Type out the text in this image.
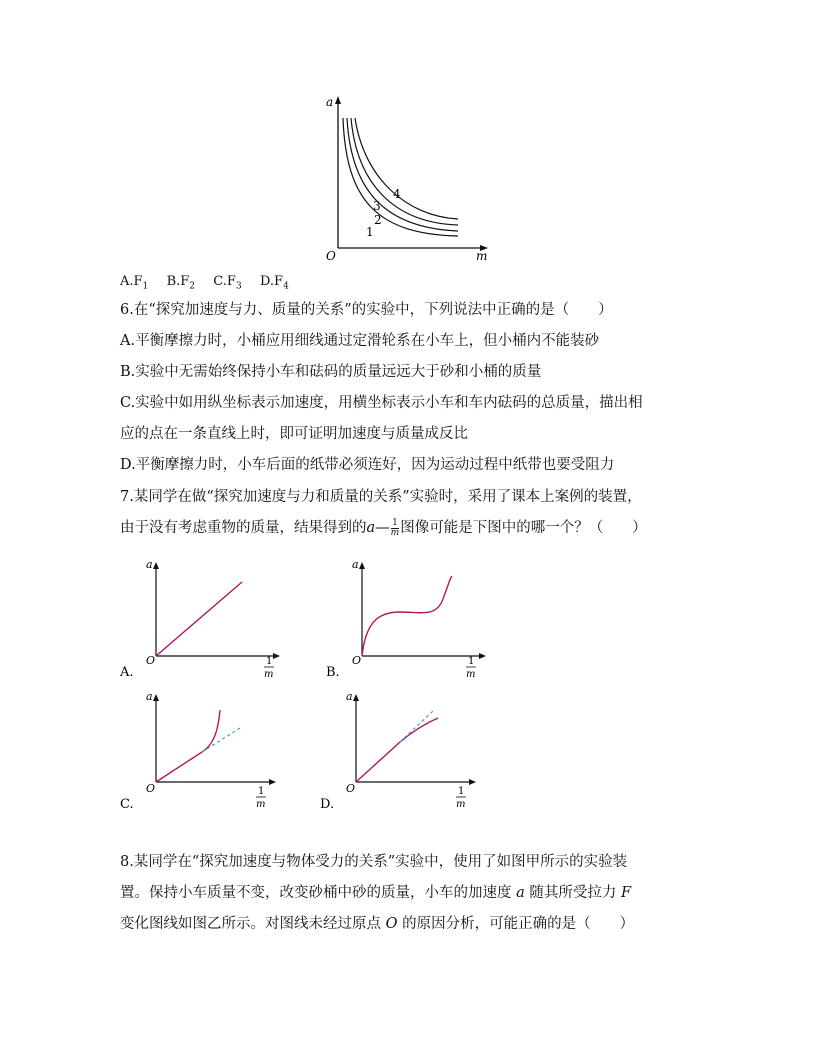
a
m
O
1
2
3
4
$A.F_1$ $B.F_2$ $C.F_3$ $D.F_4$
6.在“探究加速度与力、质量的关系”的实验中，下列说法中正确的是（　　）
A.平衡摩擦力时，小桶应用细线通过定滑轮系在小车上，但小桶内不能装砂
B.实验中无需始终保持小车和砝码的质量远远大于砂和小桶的质量
C.实验中如用纵坐标表示加速度，用横坐标表示小车和车内砝码的总质量，描出相
应的点在一条直线上时，即可证明加速度与质量成反比
D.平衡摩擦力时，小车后面的纸带必须连好，因为运动过程中纸带也要受阻力
7.某同学在做“探究加速度与力和质量的关系”实验时，采用了课本上案例的装置，
由于没有考虑重物的质量，结果得到的a— $\frac{1}{m}$ 图像可能是下图中的哪一个？（　　）
a
O	1
m
A.
a
O	1
m
B.
a
O	1
m
C.
a
O	1
m
D.
8.某同学在“探究加速度与物体受力的关系”实验中，使用了如图甲所示的实验装
置。保持小车质量不变，改变砂桶中砂的质量，小车的加速度 a 随其所受拉力 F
变化图线如图乙所示。对图线未经过原点 O 的原因分析，可能正确的是（　　）
